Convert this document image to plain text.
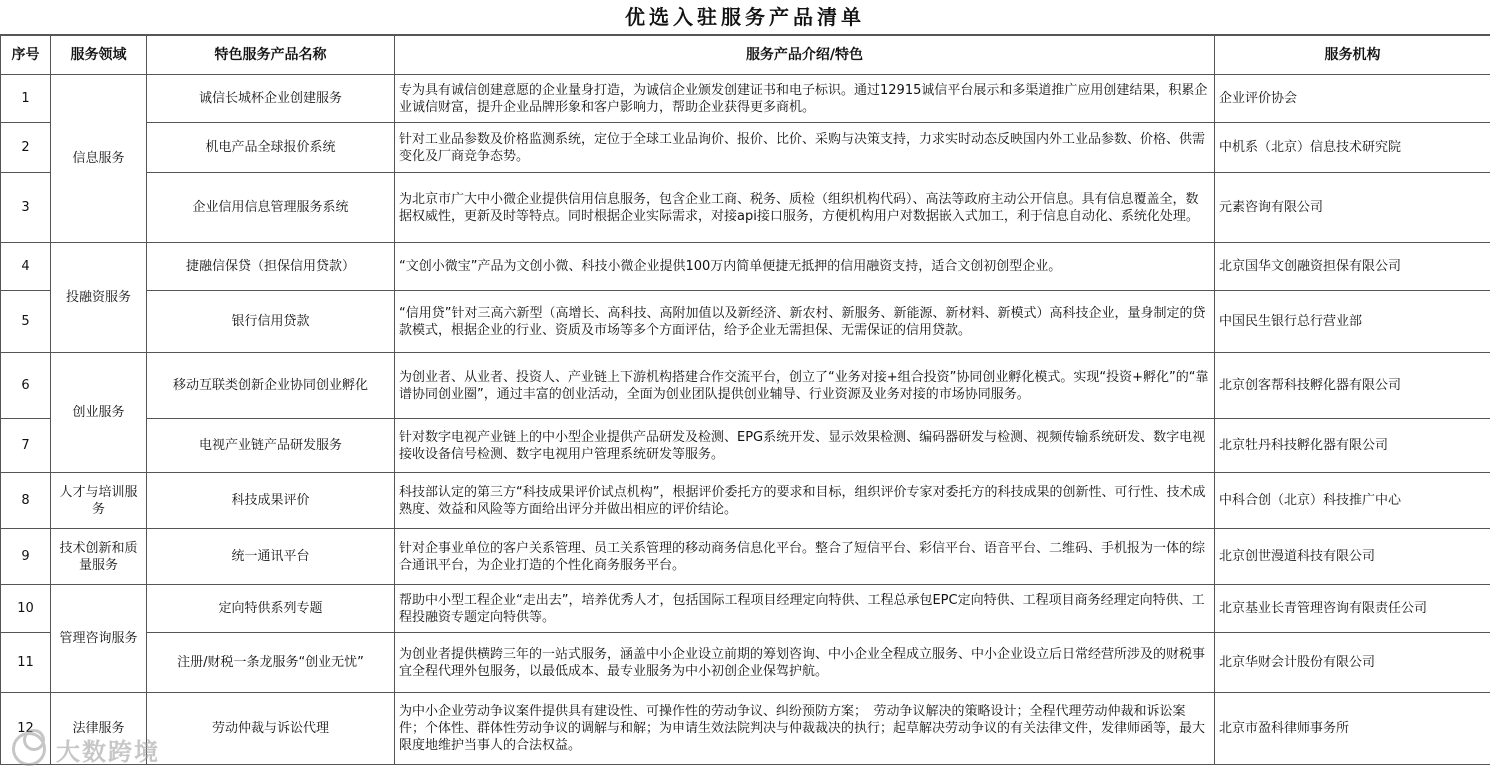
优选入驻服务产品清单
序号	服务领域	特色服务产品名称	服务产品介绍/特色	服务机构
1	信息服务	诚信长城杯企业创建服务	专为具有诚信创建意愿的企业量身打造，为诚信企业颁发创建证书和电子标识。通过12915诚信平台展示和多渠道推广应用创建结果，积累企业诚信财富，提升企业品牌形象和客户影响力，帮助企业获得更多商机。	企业评价协会
2		机电产品全球报价系统	针对工业品参数及价格监测系统，定位于全球工业品询价、报价、比价、采购与决策支持，力求实时动态反映国内外工业品参数、价格、供需变化及厂商竞争态势。	中机系（北京）信息技术研究院
3		企业信用信息管理服务系统	为北京市广大中小微企业提供信用信息服务，包含企业工商、税务、质检（组织机构代码）、高法等政府主动公开信息。具有信息覆盖全，数据权威性，更新及时等特点。同时根据企业实际需求，对接api接口服务，方便机构用户对数据嵌入式加工，利于信息自动化、系统化处理。	元素咨询有限公司
4	投融资服务	捷融信保贷（担保信用贷款）	“文创小微宝”产品为文创小微、科技小微企业提供100万内简单便捷无抵押的信用融资支持，适合文创初创型企业。	北京国华文创融资担保有限公司
5		银行信用贷款	“信用贷”针对三高六新型（高增长、高科技、高附加值以及新经济、新农村、新服务、新能源、新材料、新模式）高科技企业，量身制定的贷款模式，根据企业的行业、资质及市场等多个方面评估，给予企业无需担保、无需保证的信用贷款。	中国民生银行总行营业部
6	创业服务	移动互联类创新企业协同创业孵化	为创业者、从业者、投资人、产业链上下游机构搭建合作交流平台，创立了“业务对接+组合投资”协同创业孵化模式。实现“投资+孵化”的“靠谱协同创业圈”，通过丰富的创业活动，全面为创业团队提供创业辅导、行业资源及业务对接的市场协同服务。	北京创客帮科技孵化器有限公司
7		电视产业链产品研发服务	针对数字电视产业链上的中小型企业提供产品研发及检测、EPG系统开发、显示效果检测、编码器研发与检测、视频传输系统研发、数字电视接收设备信号检测、数字电视用户管理系统研发等服务。	北京牡丹科技孵化器有限公司
8	人才与培训服务	科技成果评价	科技部认定的第三方“科技成果评价试点机构”，根据评价委托方的要求和目标，组织评价专家对委托方的科技成果的创新性、可行性、技术成熟度、效益和风险等方面给出评分并做出相应的评价结论。	中科合创（北京）科技推广中心
9	技术创新和质量服务	统一通讯平台	针对企事业单位的客户关系管理、员工关系管理的移动商务信息化平台。整合了短信平台、彩信平台、语音平台、二维码、手机报为一体的综合通讯平台，为企业打造的个性化商务服务平台。	北京创世漫道科技有限公司
10	管理咨询服务	定向特供系列专题	帮助中小型工程企业“走出去”，培养优秀人才，包括国际工程项目经理定向特供、工程总承包EPC定向特供、工程项目商务经理定向特供、工程投融资专题定向特供等。	北京基业长青管理咨询有限责任公司
11		注册/财税一条龙服务“创业无忧”	为创业者提供横跨三年的一站式服务，涵盖中小企业设立前期的筹划咨询、中小企业全程成立服务、中小企业设立后日常经营所涉及的财税事宜全程代理外包服务，以最低成本、最专业服务为中小初创企业保驾护航。	北京华财会计股份有限公司
12	法律服务	劳动仲裁与诉讼代理	为中小企业劳动争议案件提供具有建设性、可操作性的劳动争议、纠纷预防方案；　劳动争议解决的策略设计；全程代理劳动仲裁和诉讼案件；个体性、群体性劳动争议的调解与和解；为申请生效法院判决与仲裁裁决的执行；起草解决劳动争议的有关法律文件，发律师函等，最大限度地维护当事人的合法权益。	北京市盈科律师事务所
大数跨境
